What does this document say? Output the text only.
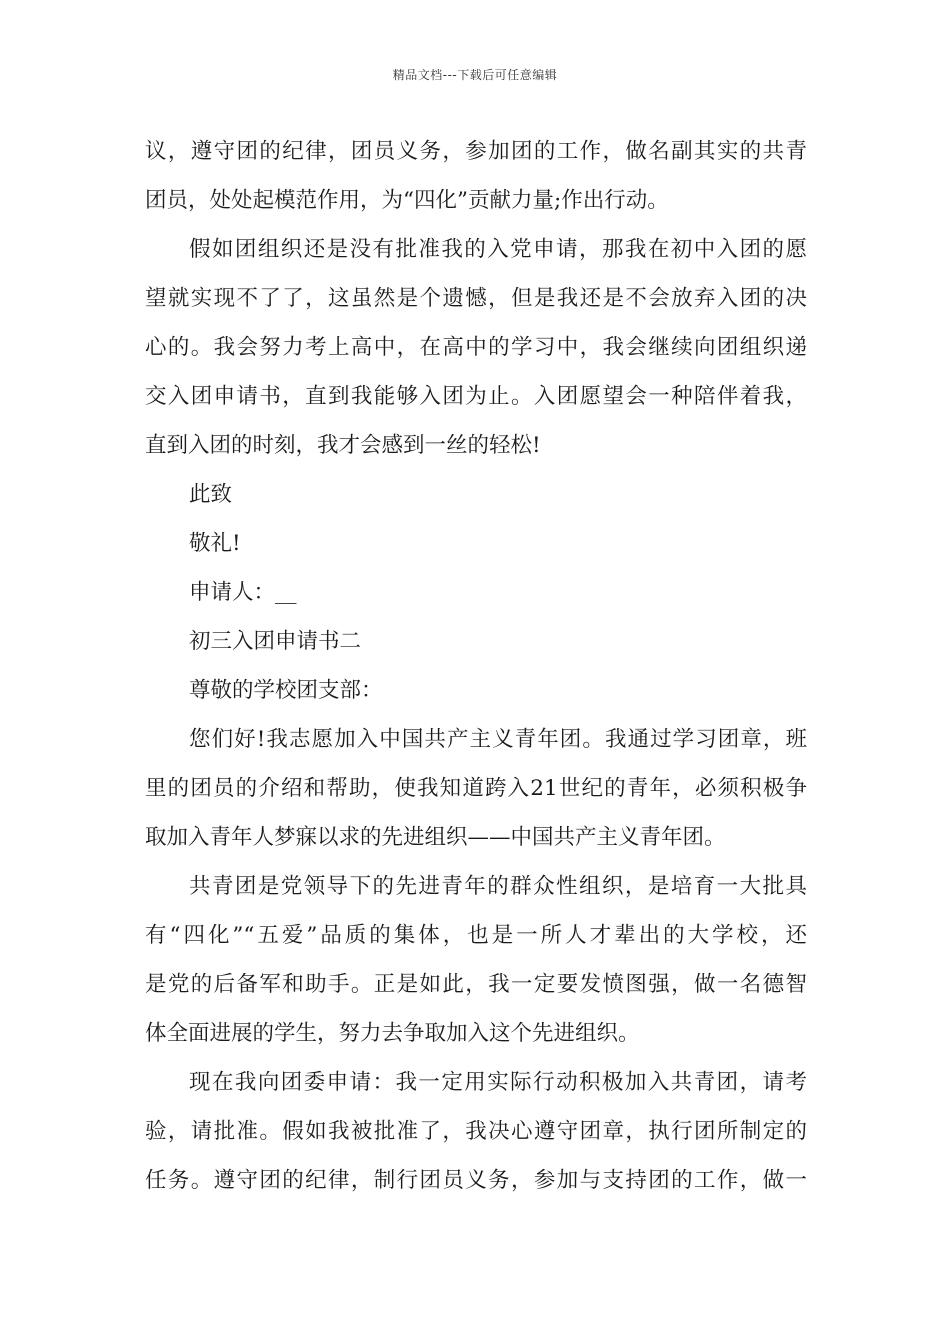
精品文档---下载后可任意编辑
议，遵守团的纪律，团员义务，参加团的工作，做名副其实的共青
团员，处处起模范作用，为“四化”贡献力量;作出行动。
假如团组织还是没有批准我的入党申请，那我在初中入团的愿
望就实现不了了，这虽然是个遗憾，但是我还是不会放弃入团的决
心的。我会努力考上高中，在高中的学习中，我会继续向团组织递
交入团申请书，直到我能够入团为止。入团愿望会一种陪伴着我，
直到入团的时刻，我才会感到一丝的轻松!
此致
敬礼!
申请人：__
初三入团申请书二
尊敬的学校团支部：
您们好!我志愿加入中国共产主义青年团。我通过学习团章，班
里的团员的介绍和帮助，使我知道跨入21世纪的青年，必须积极争
取加入青年人梦寐以求的先进组织——中国共产主义青年团。
共青团是党领导下的先进青年的群众性组织，是培育一大批具
有“四化”“五爱”品质的集体，也是一所人才辈出的大学校，还
是党的后备军和助手。正是如此，我一定要发愤图强，做一名德智
体全面进展的学生，努力去争取加入这个先进组织。
现在我向团委申请：我一定用实际行动积极加入共青团，请考
验，请批准。假如我被批准了，我决心遵守团章，执行团所制定的
任务。遵守团的纪律，制行团员义务，参加与支持团的工作，做一
